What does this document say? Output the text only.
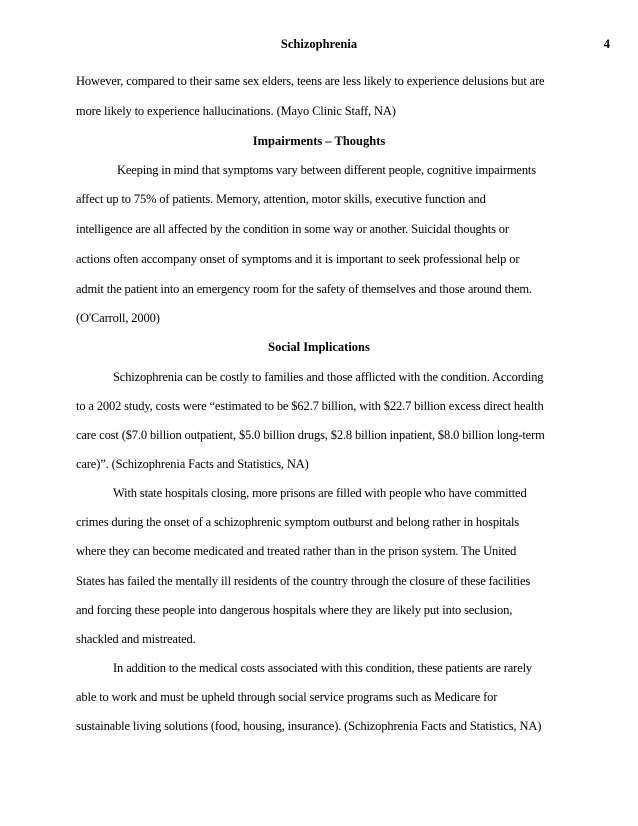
Schizophrenia	4
However, compared to their same sex elders, teens are less likely to experience delusions but are
more likely to experience hallucinations. (Mayo Clinic Staff, NA)
Impairments – Thoughts
Keeping in mind that symptoms vary between different people, cognitive impairments
affect up to 75% of patients. Memory, attention, motor skills, executive function and
intelligence are all affected by the condition in some way or another. Suicidal thoughts or
actions often accompany onset of symptoms and it is important to seek professional help or
admit the patient into an emergency room for the safety of themselves and those around them.
(O'Carroll, 2000)
Social Implications
Schizophrenia can be costly to families and those afflicted with the condition. According
to a 2002 study, costs were “estimated to be $62.7 billion, with $22.7 billion excess direct health
care cost ($7.0 billion outpatient, $5.0 billion drugs, $2.8 billion inpatient, $8.0 billion long-term
care)”. (Schizophrenia Facts and Statistics, NA)
With state hospitals closing, more prisons are filled with people who have committed
crimes during the onset of a schizophrenic symptom outburst and belong rather in hospitals
where they can become medicated and treated rather than in the prison system. The United
States has failed the mentally ill residents of the country through the closure of these facilities
and forcing these people into dangerous hospitals where they are likely put into seclusion,
shackled and mistreated.
In addition to the medical costs associated with this condition, these patients are rarely
able to work and must be upheld through social service programs such as Medicare for
sustainable living solutions (food, housing, insurance). (Schizophrenia Facts and Statistics, NA)
